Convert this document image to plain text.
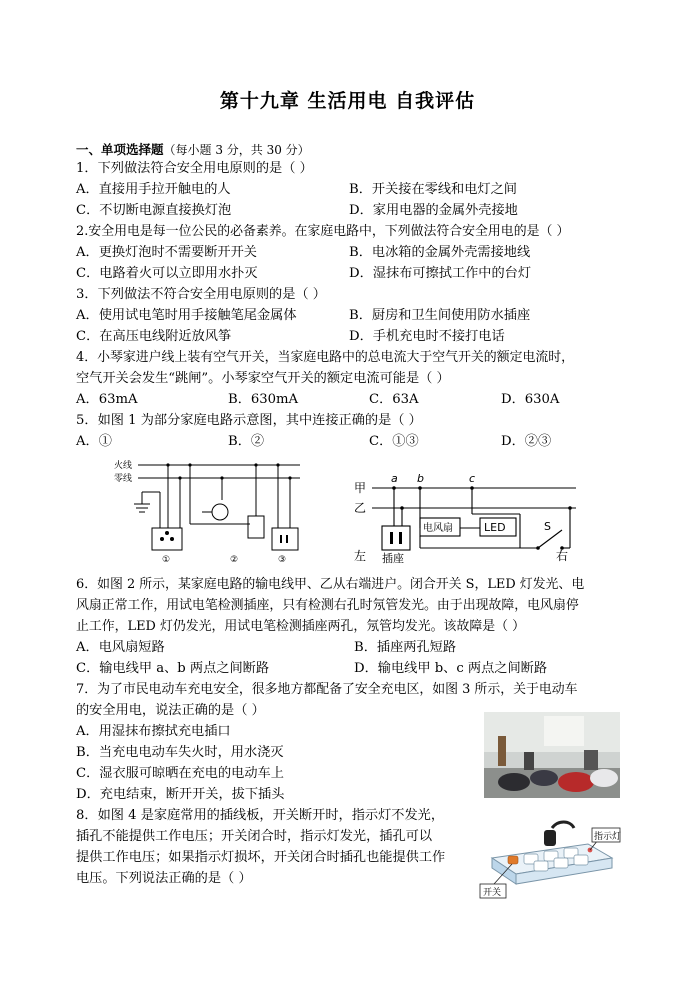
第十九章 生活用电 自我评估
一、单项选择题（每小题 3 分，共 30 分）
1．下列做法符合安全用电原则的是（ ）
A．直接用手拉开触电的人	B．开关接在零线和电灯之间
C．不切断电源直接换灯泡	D．家用电器的金属外壳接地
2.安全用电是每一位公民的必备素养。在家庭电路中，下列做法符合安全用电的是（ ）
A．更换灯泡时不需要断开开关	B．电冰箱的金属外壳需接地线
C．电路着火可以立即用水扑灭	D．湿抹布可擦拭工作中的台灯
3．下列做法不符合安全用电原则的是（ ）
A．使用试电笔时用手接触笔尾金属体	B．厨房和卫生间使用防水插座
C．在高压电线附近放风筝	D．手机充电时不接打电话
4．小琴家进户线上装有空气开关，当家庭电路中的总电流大于空气开关的额定电流时，
空气开关会发生“跳闸”。小琴家空气开关的额定电流可能是（ ）
A．63mA	B．630mA	C．63A	D．630A
5．如图 1 为部分家庭电路示意图，其中连接正确的是（ ）
A．①	B．②	C．①③	D．②③
火线
零线
①	②	③
甲
乙
a b	c
电风扇	LED	S
左 插座	右
6．如图 2 所示，某家庭电路的输电线甲、乙从右端进户。闭合开关 S，LED 灯发光、电
风扇正常工作，用试电笔检测插座，只有检测右孔时氖管发光。由于出现故障，电风扇停
止工作，LED 灯仍发光，用试电笔检测插座两孔，氖管均发光。该故障是（ ）
A．电风扇短路	B．插座两孔短路
C．输电线甲 a、b 两点之间断路	D．输电线甲 b、c 两点之间断路
7．为了市民电动车充电安全，很多地方都配备了安全充电区，如图 3 所示，关于电动车
的安全用电，说法正确的是（ ）
A．用湿抹布擦拭充电插口
B．当充电电动车失火时，用水浇灭
C．湿衣服可晾晒在充电的电动车上
D．充电结束，断开开关，拔下插头
8．如图 4 是家庭常用的插线板，开关断开时，指示灯不发光，
插孔不能提供工作电压；开关闭合时，指示灯发光，插孔可以
提供工作电压；如果指示灯损坏，开关闭合时插孔也能提供工作
电压。下列说法正确的是（ ）
指示灯
开关
